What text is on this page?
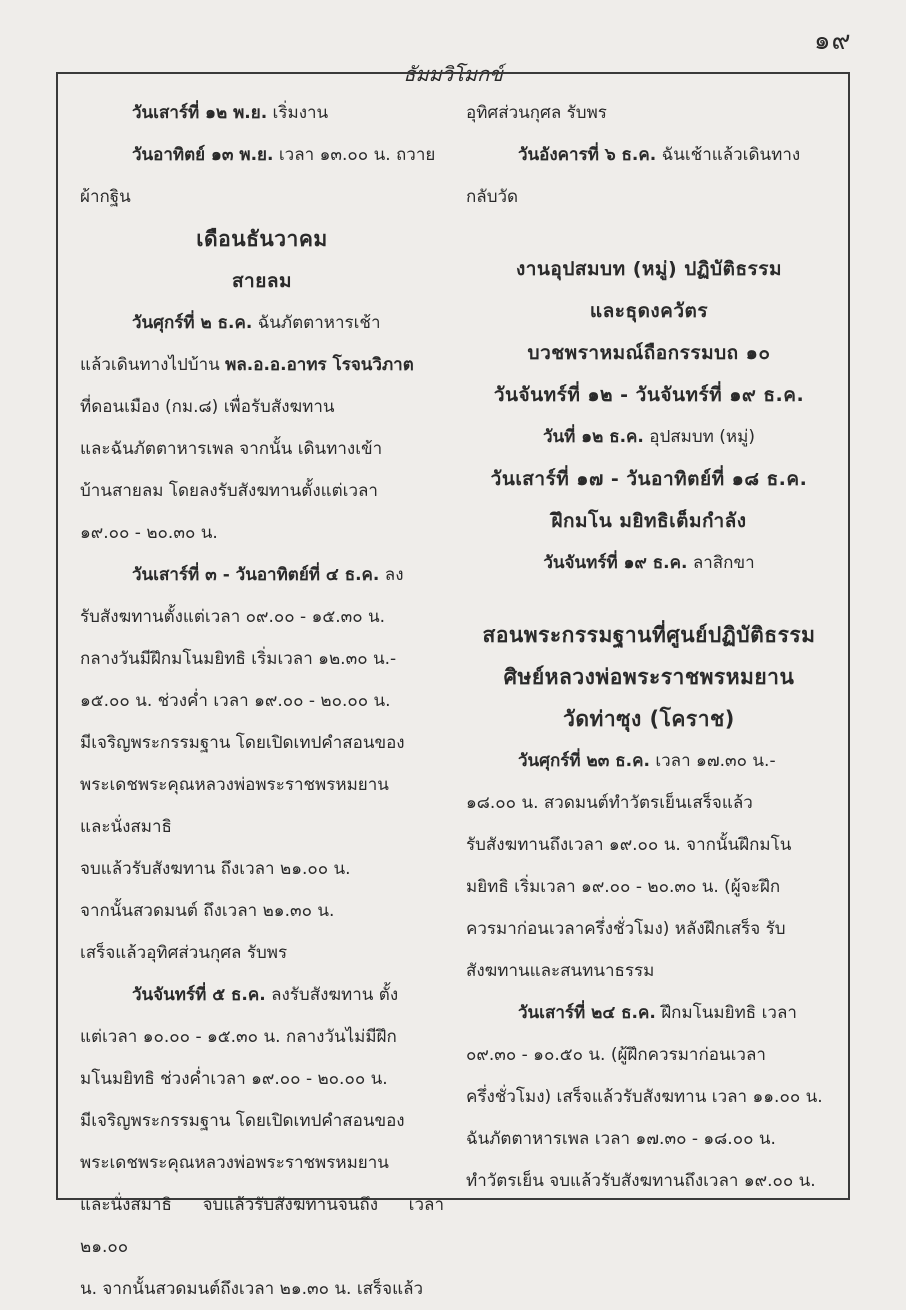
๑๙
ธัมมวิโมกข์

วันเสาร์ที่ ๑๒ พ.ย. เริ่มงาน

วันอาทิตย์ ๑๓ พ.ย. เวลา ๑๓.๐๐ น. ถวาย

ผ้ากฐิน

เดือนธันวาคม

สายลม

วันศุกร์ที่ ๒ ธ.ค. ฉันภัตตาหารเช้า

แล้วเดินทางไปบ้าน พล.อ.อ.อาทร โรจนวิภาต

ที่ดอนเมือง (กม.๘) เพื่อรับสังฆทาน

และฉันภัตตาหารเพล จากนั้น เดินทางเข้า

บ้านสายลม โดยลงรับสังฆทานตั้งแต่เวลา

๑๙.๐๐ - ๒๐.๓๐ น.

วันเสาร์ที่ ๓ - วันอาทิตย์ที่ ๔ ธ.ค. ลง

รับสังฆทานตั้งแต่เวลา ๐๙.๐๐ - ๑๕.๓๐ น.

กลางวันมีฝึกมโนมยิทธิ เริ่มเวลา ๑๒.๓๐ น.-

๑๕.๐๐ น. ช่วงค่ำ เวลา ๑๙.๐๐ - ๒๐.๐๐ น.

มีเจริญพระกรรมฐาน โดยเปิดเทปคำสอนของ

พระเดชพระคุณหลวงพ่อพระราชพรหมยาน

และนั่งสมาธิ

จบแล้วรับสังฆทาน ถึงเวลา ๒๑.๐๐ น.

จากนั้นสวดมนต์ ถึงเวลา ๒๑.๓๐ น.

เสร็จแล้วอุทิศส่วนกุศล รับพร

วันจันทร์ที่ ๕ ธ.ค. ลงรับสังฆทาน ตั้ง

แต่เวลา ๑๐.๐๐ - ๑๕.๓๐ น. กลางวันไม่มีฝึก

มโนมยิทธิ ช่วงค่ำเวลา ๑๙.๐๐ - ๒๐.๐๐ น.

มีเจริญพระกรรมฐาน โดยเปิดเทปคำสอนของ

พระเดชพระคุณหลวงพ่อพระราชพรหมยาน

และนั่งสมาธิ จบแล้วรับสังฆทานจนถึง เวลา ๒๑.๐๐

น. จากนั้นสวดมนต์ถึงเวลา ๒๑.๓๐ น. เสร็จแล้ว

อุทิศส่วนกุศล รับพร

วันอังคารที่ ๖ ธ.ค. ฉันเช้าแล้วเดินทาง

กลับวัด

งานอุปสมบท (หมู่) ปฏิบัติธรรม

และธุดงควัตร

บวชพราหมณ์ถือกรรมบถ ๑๐

วันจันทร์ที่ ๑๒ - วันจันทร์ที่ ๑๙ ธ.ค.

วันที่ ๑๒ ธ.ค. อุปสมบท (หมู่)

วันเสาร์ที่ ๑๗ - วันอาทิตย์ที่ ๑๘ ธ.ค.

ฝึกมโน มยิทธิเต็มกำลัง

วันจันทร์ที่ ๑๙ ธ.ค. ลาสิกขา

สอนพระกรรมฐานที่ศูนย์ปฏิบัติธรรม

ศิษย์หลวงพ่อพระราชพรหมยาน

วัดท่าซุง (โคราช)

วันศุกร์ที่ ๒๓ ธ.ค. เวลา ๑๗.๓๐ น.-

๑๘.๐๐ น. สวดมนต์ทำวัตรเย็นเสร็จแล้ว

รับสังฆทานถึงเวลา ๑๙.๐๐ น. จากนั้นฝึกมโน

มยิทธิ เริ่มเวลา ๑๙.๐๐ - ๒๐.๓๐ น. (ผู้จะฝึก

ควรมาก่อนเวลาครึ่งชั่วโมง) หลังฝึกเสร็จ รับ

สังฆทานและสนทนาธรรม

วันเสาร์ที่ ๒๔ ธ.ค. ฝึกมโนมยิทธิ เวลา

๐๙.๓๐ - ๑๐.๕๐ น. (ผู้ฝึกควรมาก่อนเวลา

ครึ่งชั่วโมง) เสร็จแล้วรับสังฆทาน เวลา ๑๑.๐๐ น.

ฉันภัตตาหารเพล เวลา ๑๗.๓๐ - ๑๘.๐๐ น.

ทำวัตรเย็น จบแล้วรับสังฆทานถึงเวลา ๑๙.๐๐ น.
